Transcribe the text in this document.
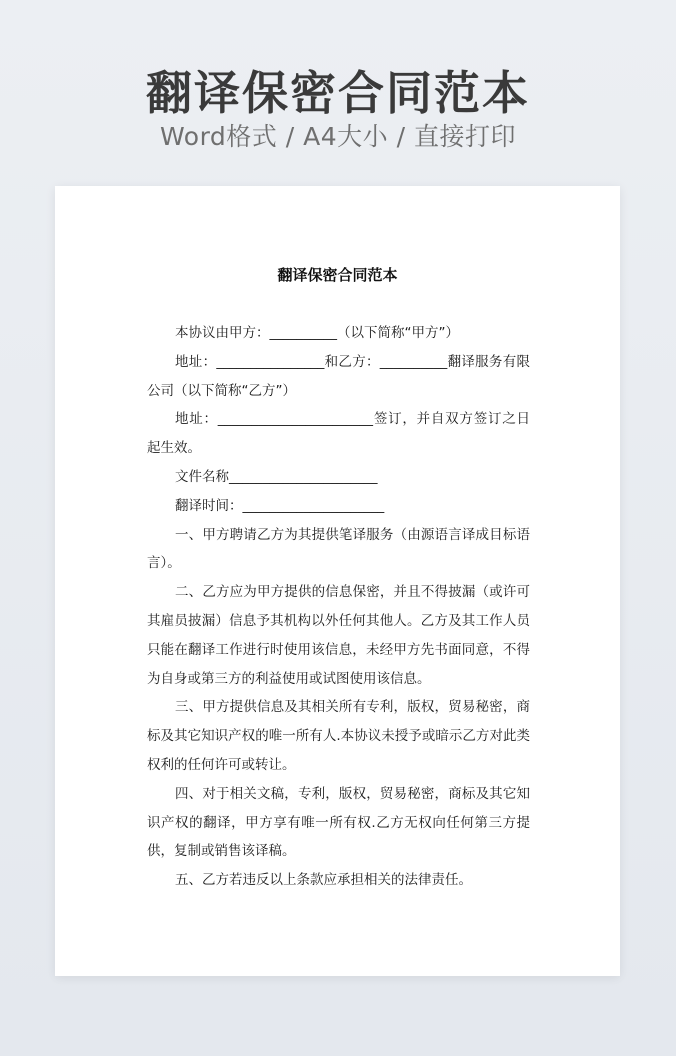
翻译保密合同范本
Word格式 / A4大小 / 直接打印
翻译保密合同范本

本协议由甲方：__________（以下简称“甲方”）

地址：________________和乙方：__________翻译服务有限公司（以下简称“乙方”）

地址：_______________________签订，并自双方签订之日起生效。

文件名称______________________

翻译时间：_____________________

一、甲方聘请乙方为其提供笔译服务（由源语言译成目标语言）。

二、乙方应为甲方提供的信息保密，并且不得披漏（或许可其雇员披漏）信息予其机构以外任何其他人。乙方及其工作人员只能在翻译工作进行时使用该信息，未经甲方先书面同意，不得为自身或第三方的利益使用或试图使用该信息。

三、甲方提供信息及其相关所有专利，版权，贸易秘密，商标及其它知识产权的唯一所有人.本协议未授予或暗示乙方对此类权利的任何许可或转让。

四、对于相关文稿，专利，版权，贸易秘密，商标及其它知识产权的翻译，甲方享有唯一所有权.乙方无权向任何第三方提供，复制或销售该译稿。

五、乙方若违反以上条款应承担相关的法律责任。
